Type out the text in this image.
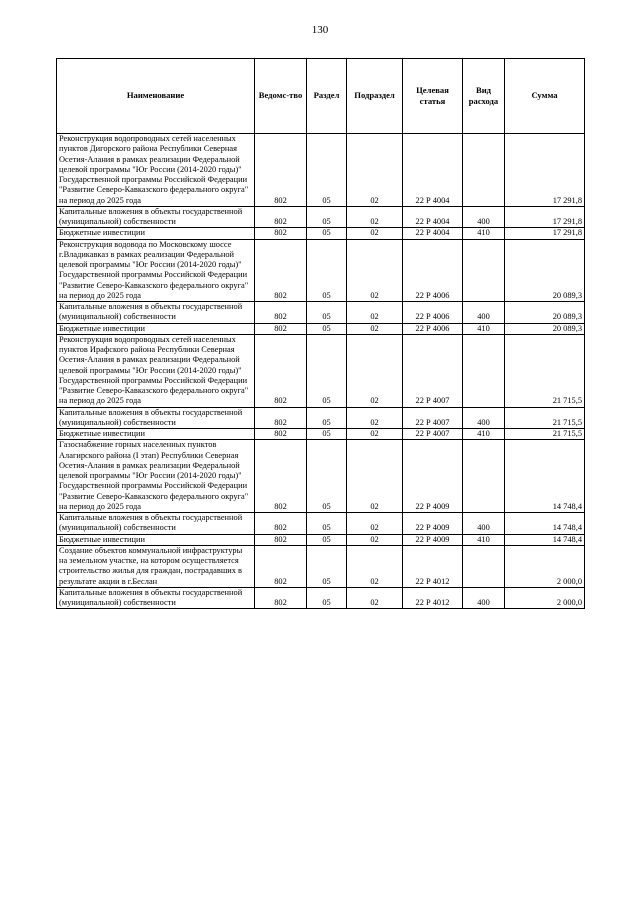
130
Наименование	Ведомс-тво	Раздел	Подраздел	Целевая статья	Вид расхода	Сумма
Реконструкция водопроводных сетей населенных пунктов Дигорского района Республики Северная Осетия-Алания в рамках реализации Федеральной целевой программы "Юг России (2014-2020 годы)" Государственной программы Российской Федерации "Развитие Северо-Кавказского федерального округа" на период до 2025 года	802	05	02	22 Р 4004		17 291,8
Капитальные вложения в объекты государственной (муниципальной) собственности	802	05	02	22 Р 4004	400	17 291,8
Бюджетные инвестиции	802	05	02	22 Р 4004	410	17 291,8
Реконструкция водовода по Московскому шоссе г.Владикавказ в рамках реализации Федеральной целевой программы "Юг России (2014-2020 годы)" Государственной программы Российской Федерации "Развитие Северо-Кавказского федерального округа" на период до 2025 года	802	05	02	22 Р 4006		20 089,3
Капитальные вложения в объекты государственной (муниципальной) собственности	802	05	02	22 Р 4006	400	20 089,3
Бюджетные инвестиции	802	05	02	22 Р 4006	410	20 089,3
Реконструкция водопроводных сетей населенных пунктов Ирафского района Республики Северная Осетия-Алания в рамках реализации Федеральной целевой программы "Юг России (2014-2020 годы)" Государственной программы Российской Федерации "Развитие Северо-Кавказского федерального округа" на период до 2025 года	802	05	02	22 Р 4007		21 715,5
Капитальные вложения в объекты государственной (муниципальной) собственности	802	05	02	22 Р 4007	400	21 715,5
Бюджетные инвестиции	802	05	02	22 Р 4007	410	21 715,5
Газоснабжение горных населенных пунктов Алагирского района (I этап) Республики Северная Осетия-Алания в рамках реализации Федеральной целевой программы "Юг России (2014-2020 годы)" Государственной программы Российской Федерации "Развитие Северо-Кавказского федерального округа" на период до 2025 года	802	05	02	22 Р 4009		14 748,4
Капитальные вложения в объекты государственной (муниципальной) собственности	802	05	02	22 Р 4009	400	14 748,4
Бюджетные инвестиции	802	05	02	22 Р 4009	410	14 748,4
Создание объектов коммунальной инфраструктуры на земельном участке, на котором осуществляется строительство жилья для граждан, пострадавших в результате акции в г.Беслан	802	05	02	22 Р 4012		2 000,0
Капитальные вложения в объекты государственной (муниципальной) собственности	802	05	02	22 Р 4012	400	2 000,0
